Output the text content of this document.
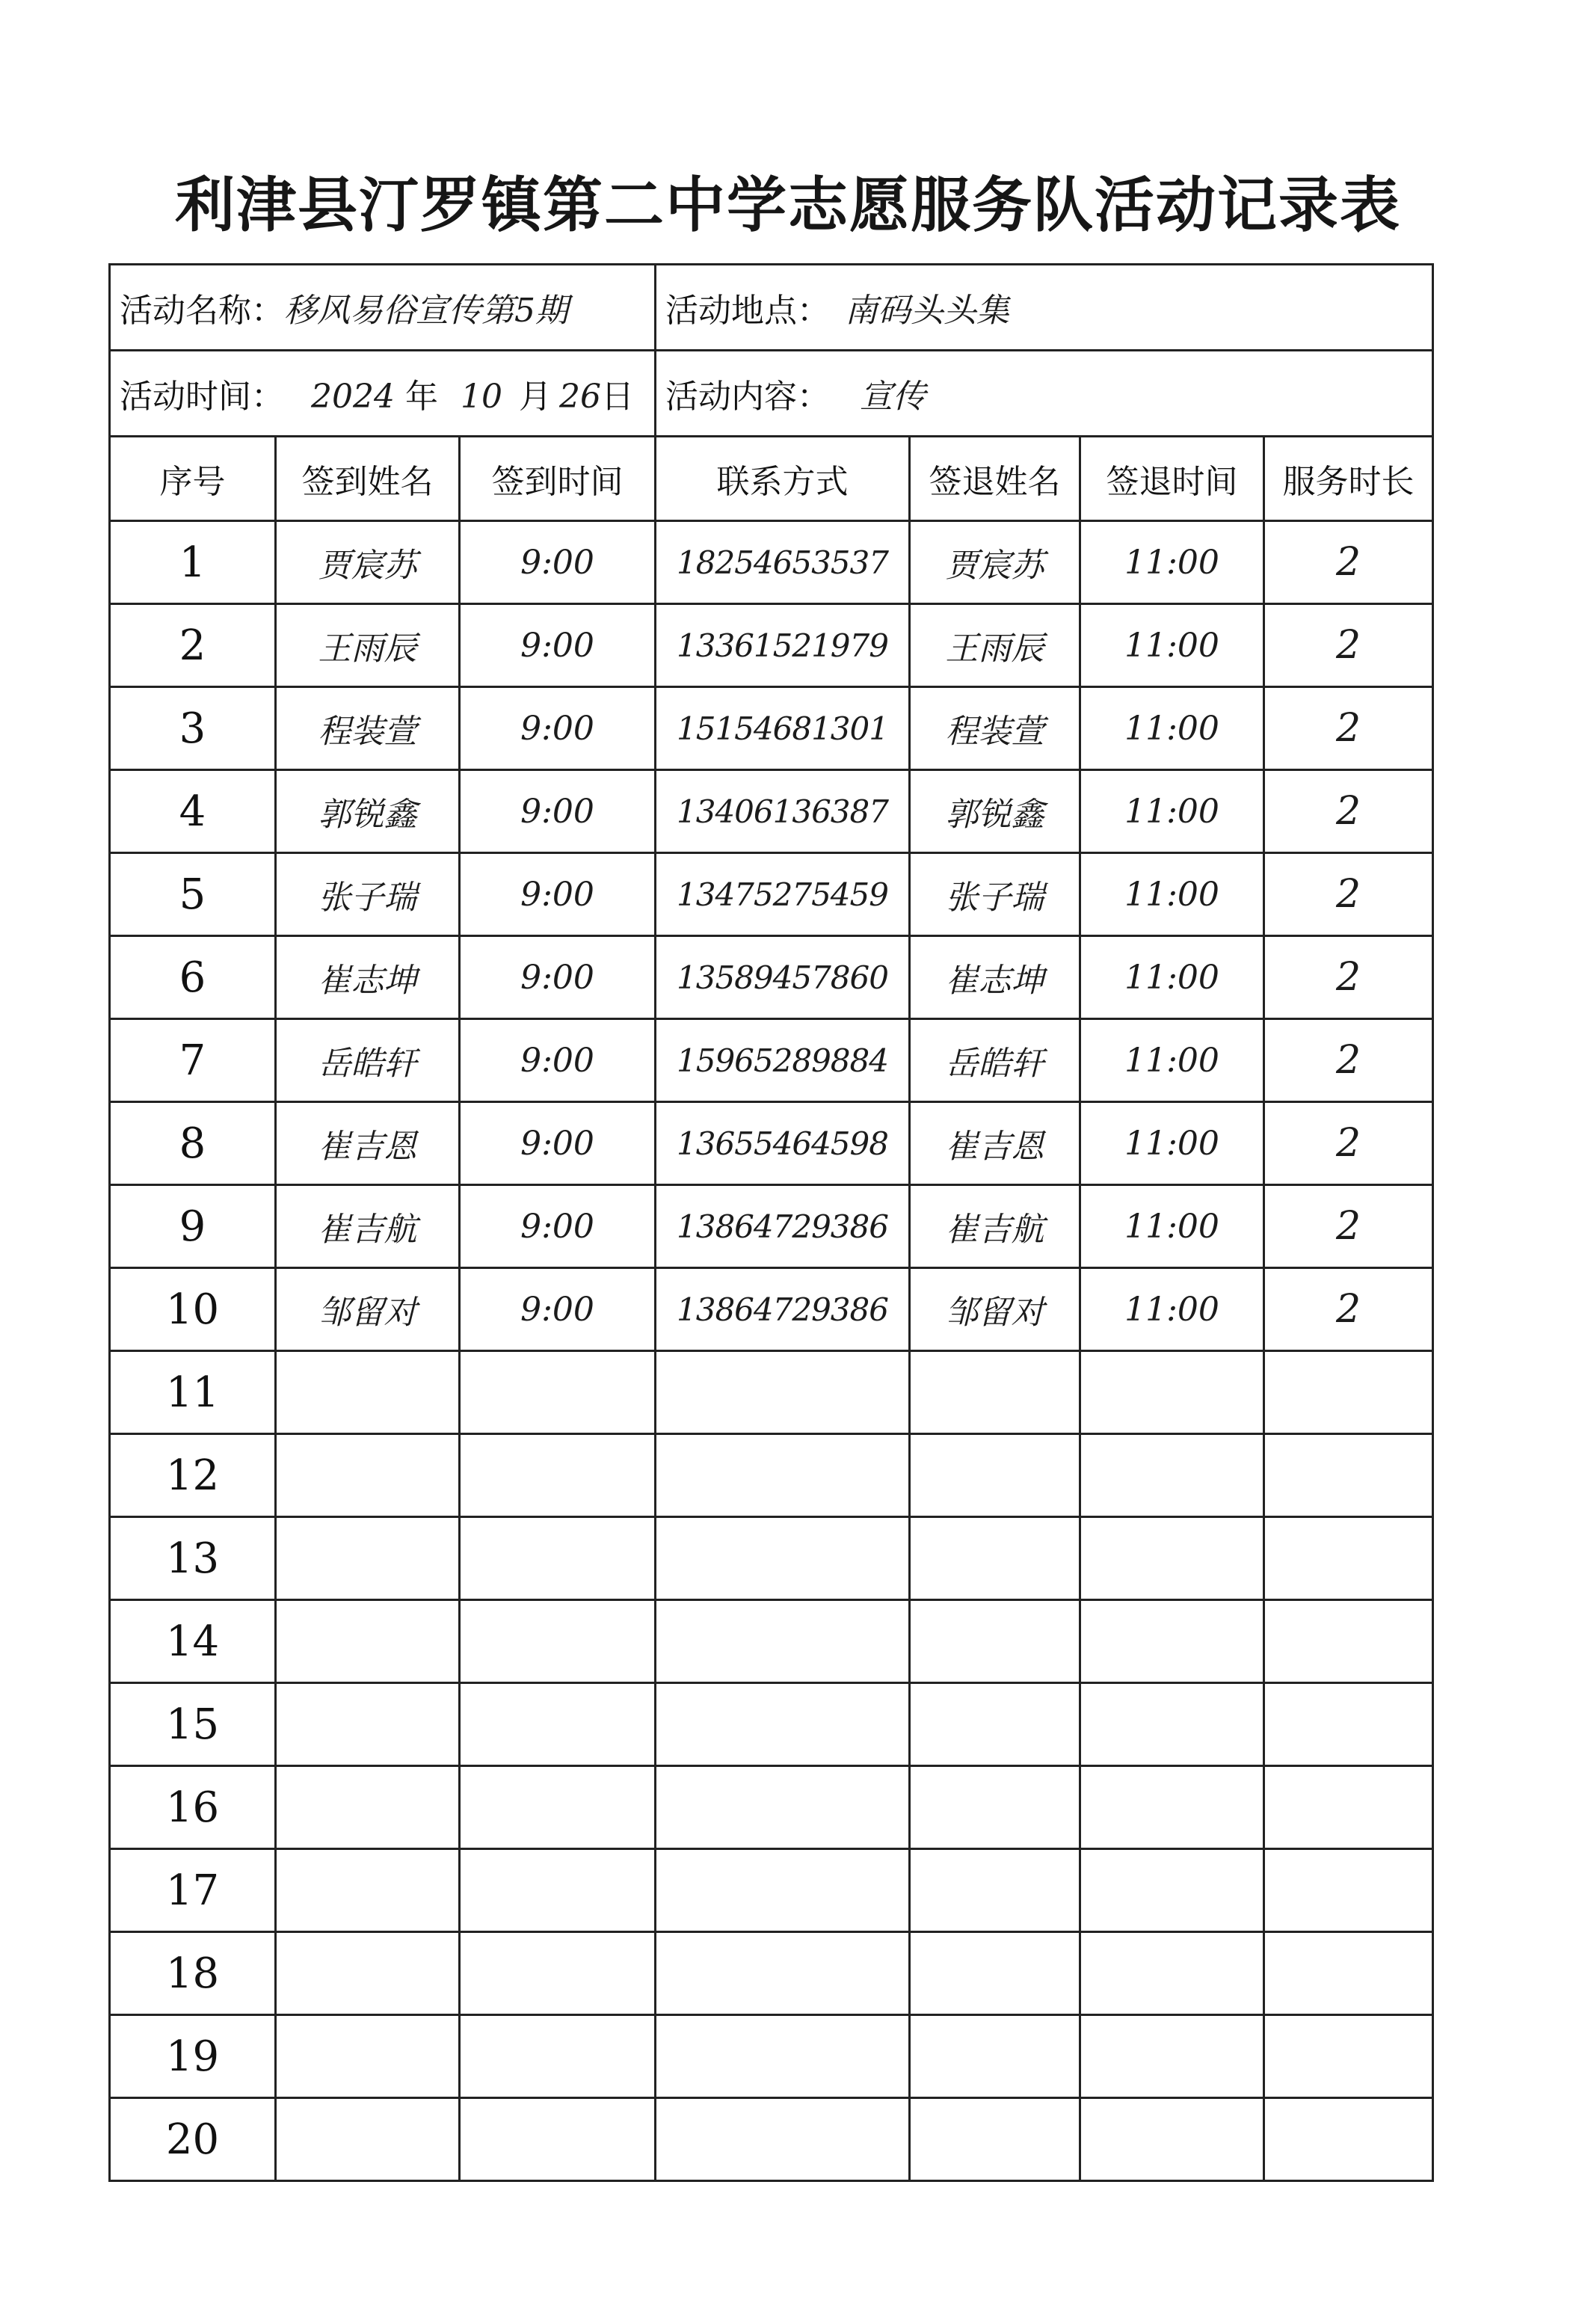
利津县汀罗镇第二中学志愿服务队活动记录表
活动名称：移风易俗宣传第5期			活动地点： 南码头头集			
活动时间： 2024 年 10 月 26日			活动内容： 宣传			
序号	签到姓名	签到时间	联系方式	签退姓名	签退时间	服务时长
1	贾宸苏	9:00	18254653537	贾宸苏	11:00	2
2	王雨辰	9:00	13361521979	王雨辰	11:00	2
3	程装萱	9:00	15154681301	程装萱	11:00	2
4	郭锐鑫	9:00	13406136387	郭锐鑫	11:00	2
5	张子瑞	9:00	13475275459	张子瑞	11:00	2
6	崔志坤	9:00	13589457860	崔志坤	11:00	2
7	岳皓轩	9:00	15965289884	岳皓轩	11:00	2
8	崔吉恩	9:00	13655464598	崔吉恩	11:00	2
9	崔吉航	9:00	13864729386	崔吉航	11:00	2
10	邹留对	9:00	13864729386	邹留对	11:00	2
11						
12						
13						
14						
15						
16						
17						
18						
19						
20						
